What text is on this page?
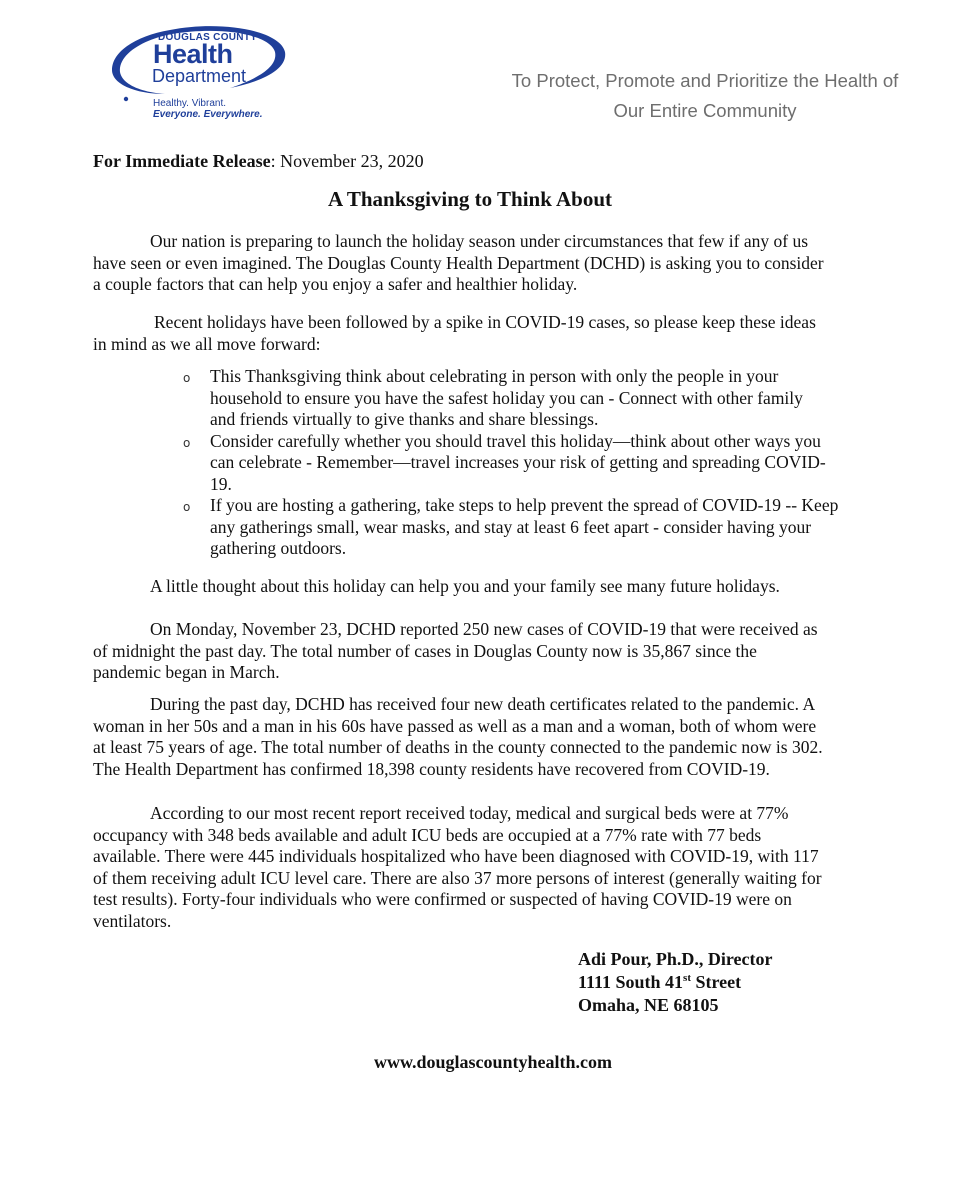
DOUGLAS COUNTY
Health
Department
Healthy. Vibrant.
Everyone. Everywhere.
To Protect, Promote and Prioritize the Health of
Our Entire Community
For Immediate Release: November 23, 2020
A Thanksgiving to Think About
Our nation is preparing to launch the holiday season under circumstances that few if any of us
have seen or even imagined. The Douglas County Health Department (DCHD) is asking you to consider
a couple factors that can help you enjoy a safer and healthier holiday.
Recent holidays have been followed by a spike in COVID-19 cases, so please keep these ideas
in mind as we all move forward:
o This Thanksgiving think about celebrating in person with only the people in your
household to ensure you have the safest holiday you can - Connect with other family
and friends virtually to give thanks and share blessings.
o Consider carefully whether you should travel this holiday—think about other ways you
can celebrate - Remember—travel increases your risk of getting and spreading COVID-
19.
o If you are hosting a gathering, take steps to help prevent the spread of COVID-19 -- Keep
any gatherings small, wear masks, and stay at least 6 feet apart - consider having your
gathering outdoors.
A little thought about this holiday can help you and your family see many future holidays.
On Monday, November 23, DCHD reported 250 new cases of COVID-19 that were received as
of midnight the past day. The total number of cases in Douglas County now is 35,867 since the
pandemic began in March.
During the past day, DCHD has received four new death certificates related to the pandemic. A
woman in her 50s and a man in his 60s have passed as well as a man and a woman, both of whom were
at least 75 years of age. The total number of deaths in the county connected to the pandemic now is 302.
The Health Department has confirmed 18,398 county residents have recovered from COVID-19.
According to our most recent report received today, medical and surgical beds were at 77%
occupancy with 348 beds available and adult ICU beds are occupied at a 77% rate with 77 beds
available. There were 445 individuals hospitalized who have been diagnosed with COVID-19, with 117
of them receiving adult ICU level care. There are also 37 more persons of interest (generally waiting for
test results). Forty-four individuals who were confirmed or suspected of having COVID-19 were on
ventilators.
Adi Pour, Ph.D., Director
1111 South 41st Street
Omaha, NE 68105
www.douglascountyhealth.com
